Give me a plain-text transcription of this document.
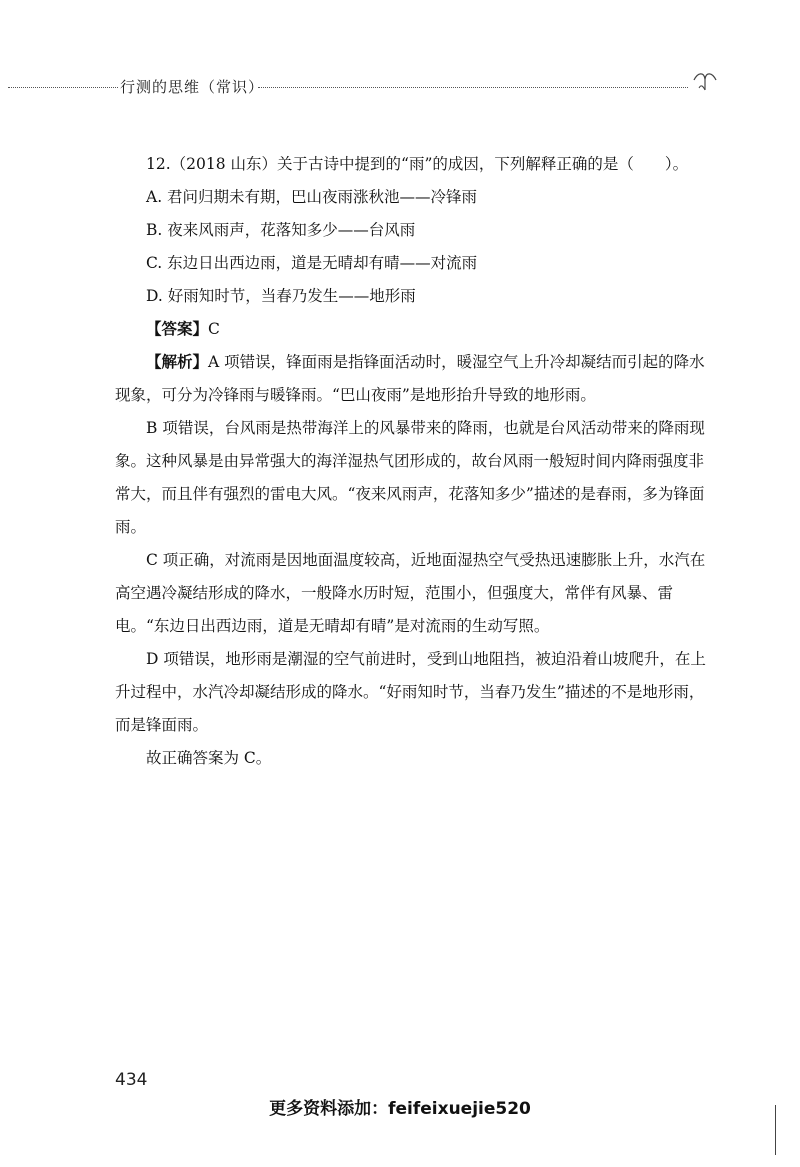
行测的思维（常识）

12.（2018 山东）关于古诗中提到的“雨”的成因，下列解释正确的是（　　）。

A. 君问归期未有期，巴山夜雨涨秋池——冷锋雨

B. 夜来风雨声，花落知多少——台风雨

C. 东边日出西边雨，道是无晴却有晴——对流雨

D. 好雨知时节，当春乃发生——地形雨

【答案】C

【解析】A 项错误，锋面雨是指锋面活动时，暖湿空气上升冷却凝结而引起的降水现象，可分为冷锋雨与暖锋雨。“巴山夜雨”是地形抬升导致的地形雨。

B 项错误，台风雨是热带海洋上的风暴带来的降雨，也就是台风活动带来的降雨现象。这种风暴是由异常强大的海洋湿热气团形成的，故台风雨一般短时间内降雨强度非常大，而且伴有强烈的雷电大风。“夜来风雨声，花落知多少”描述的是春雨，多为锋面雨。

C 项正确，对流雨是因地面温度较高，近地面湿热空气受热迅速膨胀上升，水汽在高空遇冷凝结形成的降水，一般降水历时短，范围小，但强度大，常伴有风暴、雷电。“东边日出西边雨，道是无晴却有晴”是对流雨的生动写照。

D 项错误，地形雨是潮湿的空气前进时，受到山地阻挡，被迫沿着山坡爬升，在上升过程中，水汽冷却凝结形成的降水。“好雨知时节，当春乃发生”描述的不是地形雨，而是锋面雨。

故正确答案为 C。

434
更多资料添加：feifeixuejie520
